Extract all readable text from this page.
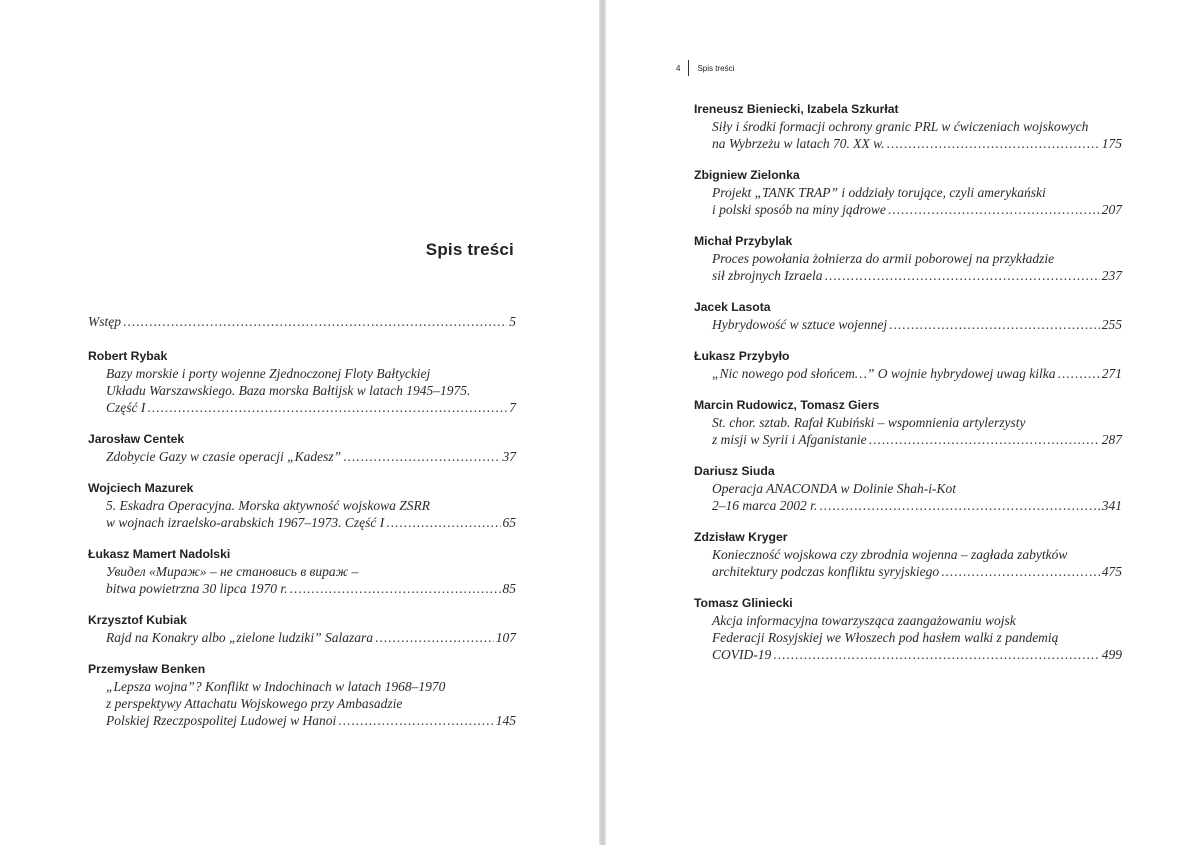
Spis treści
Wstęp . . .	5
Robert Rybak
Bazy morskie i porty wojenne Zjednoczonej Floty Bałtyckiej
Układu Warszawskiego. Baza morska Bałtijsk w latach 1945–1975.
Część I . . .	7
Jarosław Centek
Zdobycie Gazy w czasie operacji „Kadesz” . . .	37
Wojciech Mazurek
5. Eskadra Operacyjna. Morska aktywność wojskowa ZSRR
w wojnach izraelsko-arabskich 1967–1973. Część I . . .	65
Łukasz Mamert Nadolski
Увидел «Мираж» – не становись в вираж –
bitwa powietrzna 30 lipca 1970 r. . . .	85
Krzysztof Kubiak
Rajd na Konakry albo „zielone ludziki” Salazara . . .	107
Przemysław Benken
„Lepsza wojna”? Konflikt w Indochinach w latach 1968–1970
z perspektywy Attachatu Wojskowego przy Ambasadzie
Polskiej Rzeczpospolitej Ludowej w Hanoi . . .	145
4 Spis treści
Ireneusz Bieniecki, Izabela Szkurłat
Siły i środki formacji ochrony granic PRL w ćwiczeniach wojskowych
na Wybrzeżu w latach 70. XX w. . . .	175
Zbigniew Zielonka
Projekt „TANK TRAP” i oddziały torujące, czyli amerykański
i polski sposób na miny jądrowe . . .	207
Michał Przybylak
Proces powołania żołnierza do armii poborowej na przykładzie
sił zbrojnych Izraela . . .	237
Jacek Lasota
Hybrydowość w sztuce wojennej . . .	255
Łukasz Przybyło
„Nic nowego pod słońcem…” O wojnie hybrydowej uwag kilka . . .	271
Marcin Rudowicz, Tomasz Giers
St. chor. sztab. Rafał Kubiński – wspomnienia artylerzysty
z misji w Syrii i Afganistanie . . .	287
Dariusz Siuda
Operacja ANACONDA w Dolinie Shah-i-Kot
2–16 marca 2002 r. . . .	341
Zdzisław Kryger
Konieczność wojskowa czy zbrodnia wojenna – zagłada zabytków
architektury podczas konfliktu syryjskiego . . .	475
Tomasz Gliniecki
Akcja informacyjna towarzysząca zaangażowaniu wojsk
Federacji Rosyjskiej we Włoszech pod hasłem walki z pandemią
COVID-19 . . .	499
